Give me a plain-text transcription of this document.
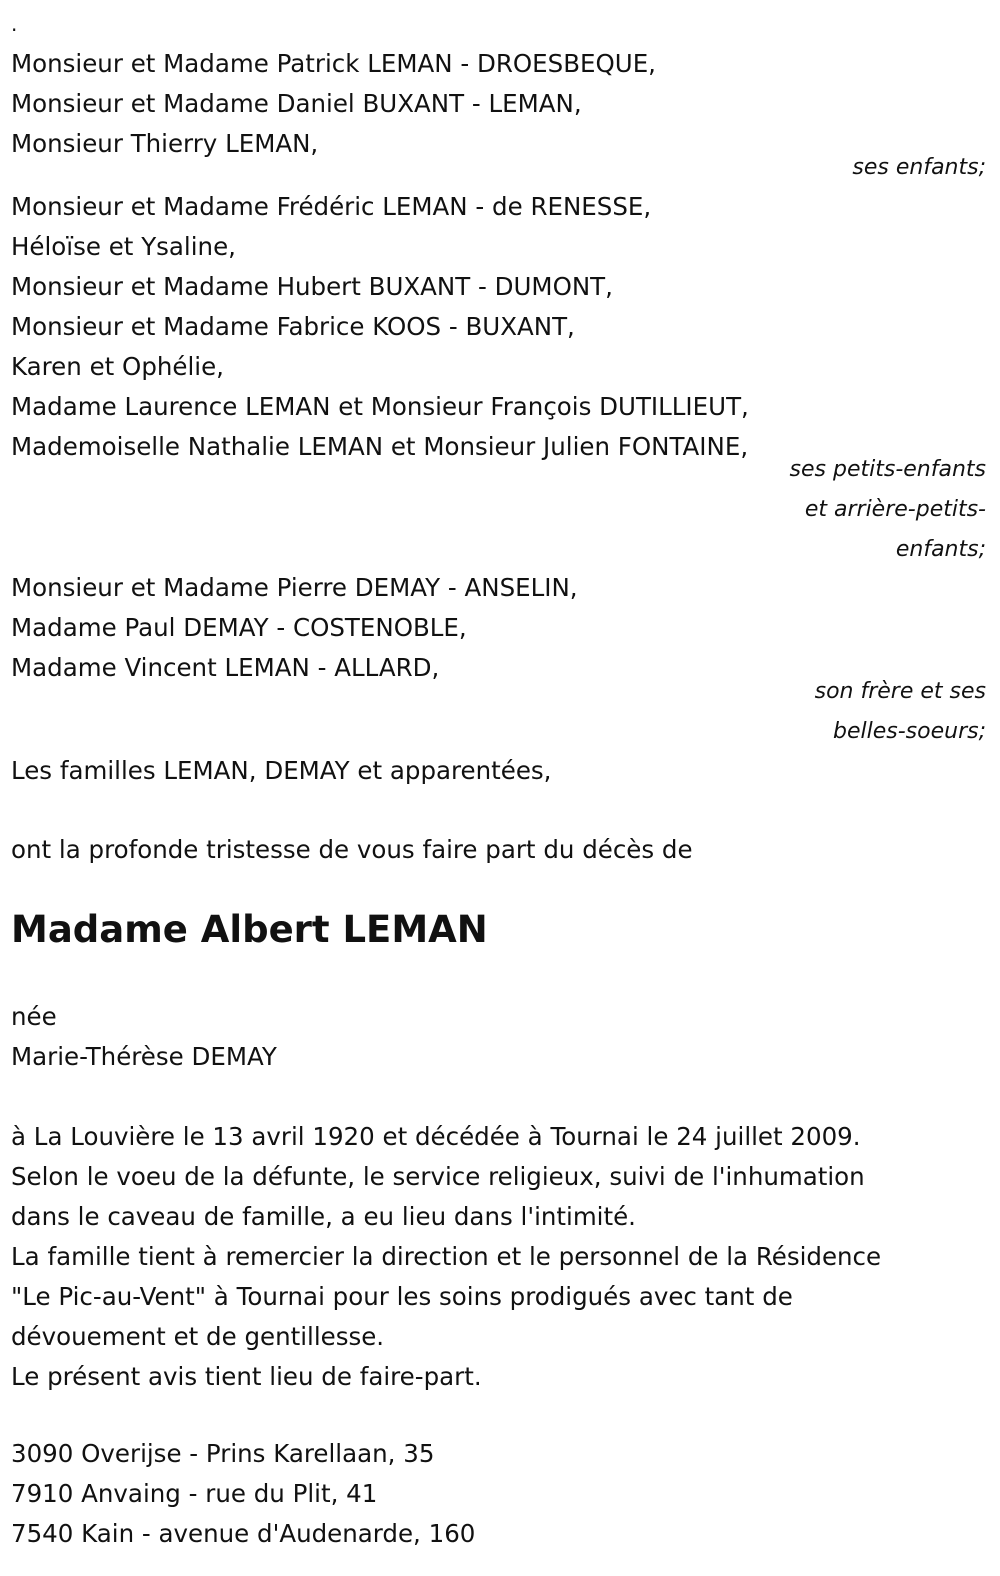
.
Monsieur et Madame Patrick LEMAN - DROESBEQUE,
Monsieur et Madame Daniel BUXANT - LEMAN,
Monsieur Thierry LEMAN,
ses enfants;
Monsieur et Madame Frédéric LEMAN - de RENESSE,
Héloïse et Ysaline,
Monsieur et Madame Hubert BUXANT - DUMONT,
Monsieur et Madame Fabrice KOOS - BUXANT,
Karen et Ophélie,
Madame Laurence LEMAN et Monsieur François DUTILLIEUT,
Mademoiselle Nathalie LEMAN et Monsieur Julien FONTAINE,
ses petits-enfants
et arrière-petits-
enfants;
Monsieur et Madame Pierre DEMAY - ANSELIN,
Madame Paul DEMAY - COSTENOBLE,
Madame Vincent LEMAN - ALLARD,
son frère et ses
belles-soeurs;
Les familles LEMAN, DEMAY et apparentées,
ont la profonde tristesse de vous faire part du décès de
Madame Albert LEMAN
née
Marie-Thérèse DEMAY
à La Louvière le 13 avril 1920 et décédée à Tournai le 24 juillet 2009.
Selon le voeu de la défunte, le service religieux, suivi de l'inhumation
dans le caveau de famille, a eu lieu dans l'intimité.
La famille tient à remercier la direction et le personnel de la Résidence
"Le Pic-au-Vent" à Tournai pour les soins prodigués avec tant de
dévouement et de gentillesse.
Le présent avis tient lieu de faire-part.
3090 Overijse - Prins Karellaan, 35
7910 Anvaing - rue du Plit, 41
7540 Kain - avenue d'Audenarde, 160
